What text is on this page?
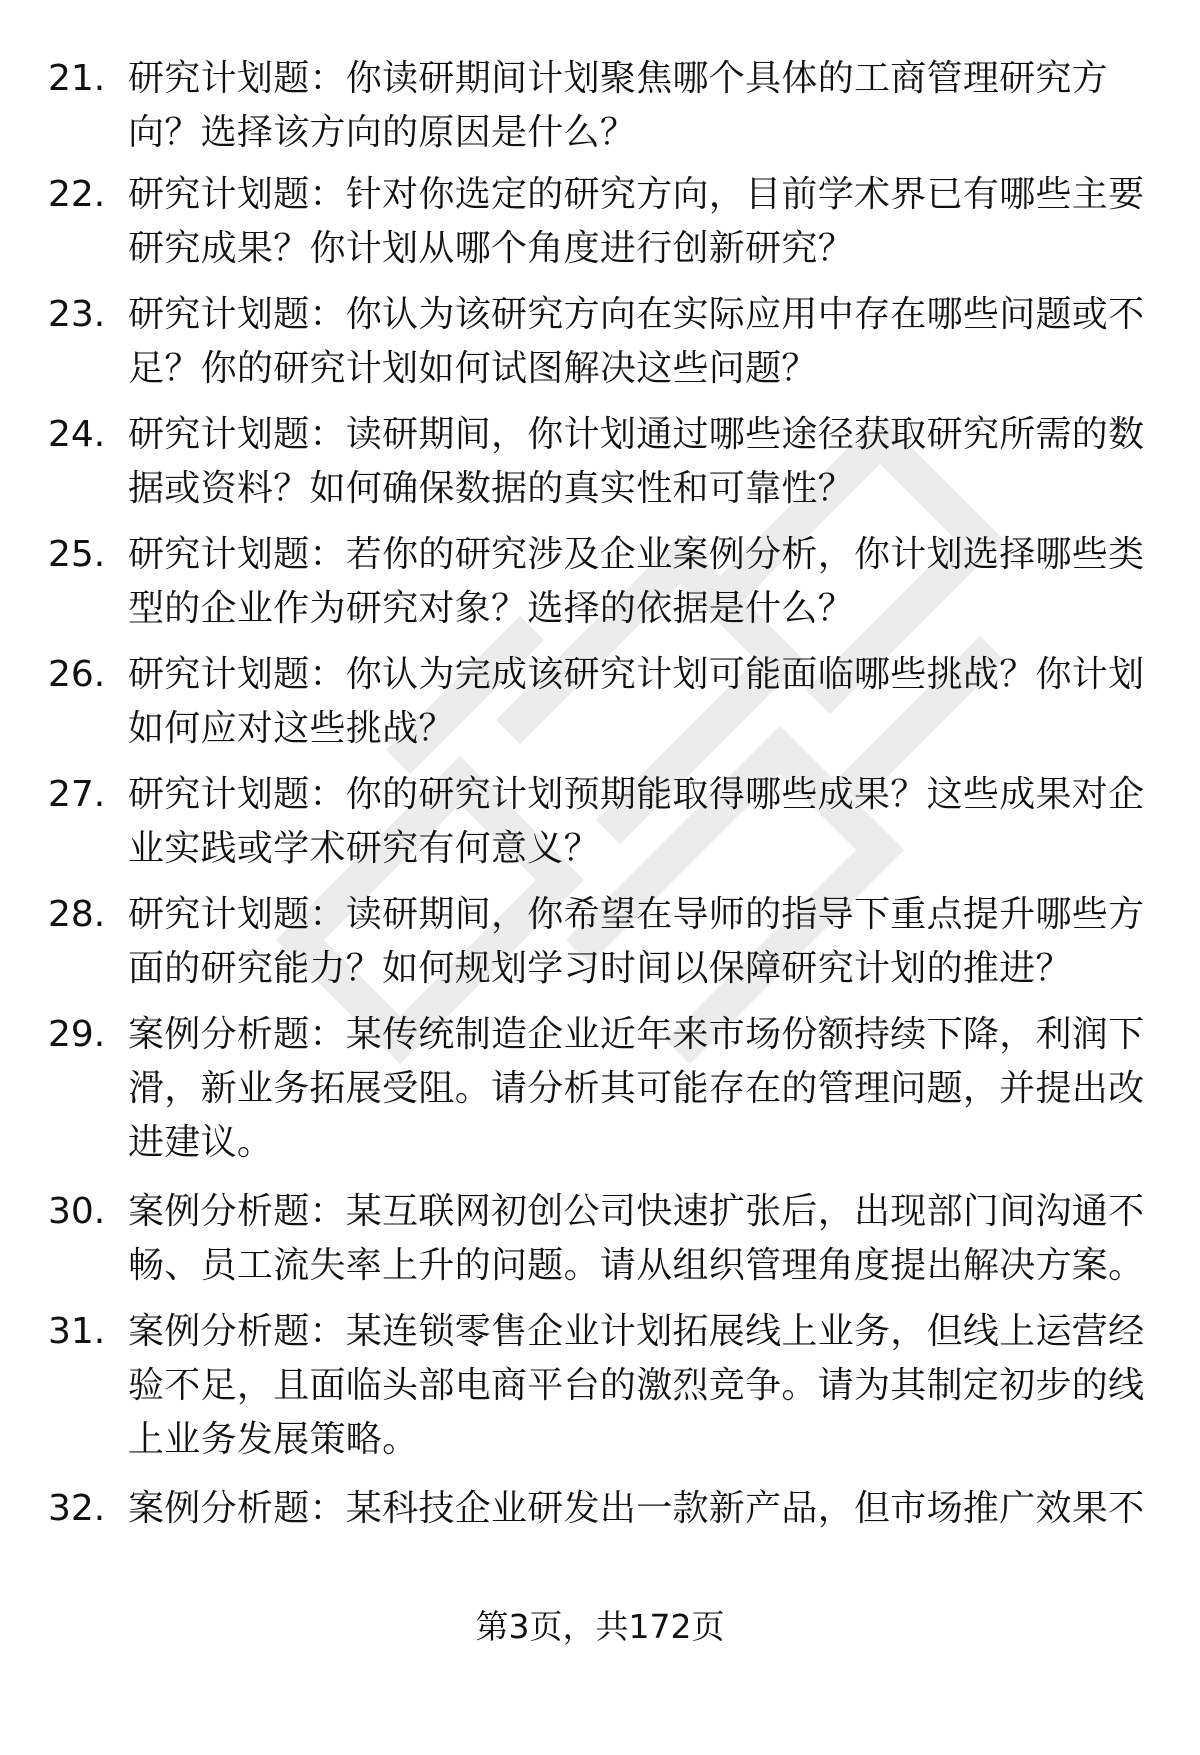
21. 研究计划题：你读研期间计划聚焦哪个具体的工商管理研究方向？选择该方向的原因是什么？
22. 研究计划题：针对你选定的研究方向，目前学术界已有哪些主要研究成果？你计划从哪个角度进行创新研究？
23. 研究计划题：你认为该研究方向在实际应用中存在哪些问题或不足？你的研究计划如何试图解决这些问题？
24. 研究计划题：读研期间，你计划通过哪些途径获取研究所需的数据或资料？如何确保数据的真实性和可靠性？
25. 研究计划题：若你的研究涉及企业案例分析，你计划选择哪些类型的企业作为研究对象？选择的依据是什么？
26. 研究计划题：你认为完成该研究计划可能面临哪些挑战？你计划如何应对这些挑战？
27. 研究计划题：你的研究计划预期能取得哪些成果？这些成果对企业实践或学术研究有何意义？
28. 研究计划题：读研期间，你希望在导师的指导下重点提升哪些方面的研究能力？如何规划学习时间以保障研究计划的推进？
29. 案例分析题：某传统制造企业近年来市场份额持续下降，利润下滑，新业务拓展受阻。请分析其可能存在的管理问题，并提出改进建议。
30. 案例分析题：某互联网初创公司快速扩张后，出现部门间沟通不畅、员工流失率上升的问题。请从组织管理角度提出解决方案。
31. 案例分析题：某连锁零售企业计划拓展线上业务，但线上运营经验不足，且面临头部电商平台的激烈竞争。请为其制定初步的线上业务发展策略。
32. 案例分析题：某科技企业研发出一款新产品，但市场推广效果不
第3页，共172页
